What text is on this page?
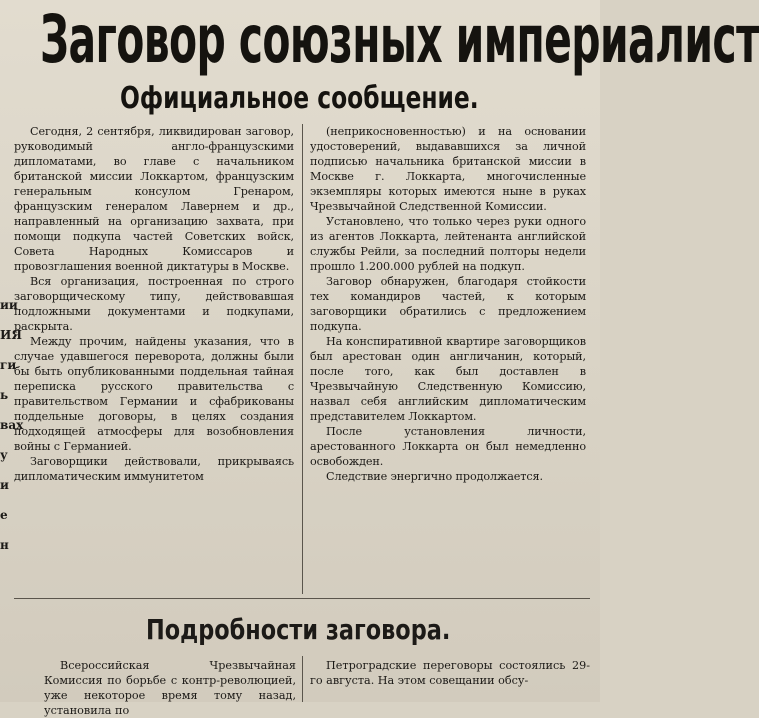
Заговор союзных империалист
Официальное сообщение.
ии
ИЯ
ги
ь
вах
у
и
е
н

Сегодня, 2 сентября, ликвидирован заговор, руководимый англо-французскими дипломатами, во главе с начальником британской миссии Локкартом, французским генеральным консулом Гренаром, французским генералом Лавернем и др., направленный на организацию захвата, при помощи подкупа частей Советских войск, Совета Народных Комиссаров и провозглашения военной диктатуры в Москве.

Вся организация, построенная по строго заговорщическому типу, действовавшая подложными документами и подкупами, раскрыта.

Между прочим, найдены указания, что в случае удавшегося переворота, должны были бы быть опубликованными поддельная тайная переписка русского правительства с правительством Германии и сфабрикованы поддельные договоры, в целях создания подходящей атмосферы для возобновления войны с Германией.

Заговорщики действовали, прикрываясь дипломатическим иммунитетом

(неприкосновенностью) и на основании удостоверений, выдававшихся за личной подписью начальника британской миссии в Москве г. Локкарта, многочисленные экземпляры которых имеются ныне в руках Чрезвычайной Следственной Комиссии.

Установлено, что только через руки одного из агентов Локкарта, лейтенанта английской службы Рейли, за последний полторы недели прошло 1.200.000 рублей на подкуп.

Заговор обнаружен, благодаря стойкости тех командиров частей, к которым заговорщики обратились с предложением подкупа.

На конспиративной квартире заговорщиков был арестован один англичанин, который, после того, как был доставлен в Чрезвычайную Следственную Комиссию, назвал себя английским дипломатическим представителем Локкартом.

После установления личности, арестованного Локкарта он был немедленно освобожден.

Следствие энергично продолжается.

Подробности заговора.

Всероссийская Чрезвычайная Комиссия по борьбе с контр-революцией, уже некоторое время тому назад, установила по

Петроградские переговоры состоялись 29-го августа. На этом совещании обсу-
